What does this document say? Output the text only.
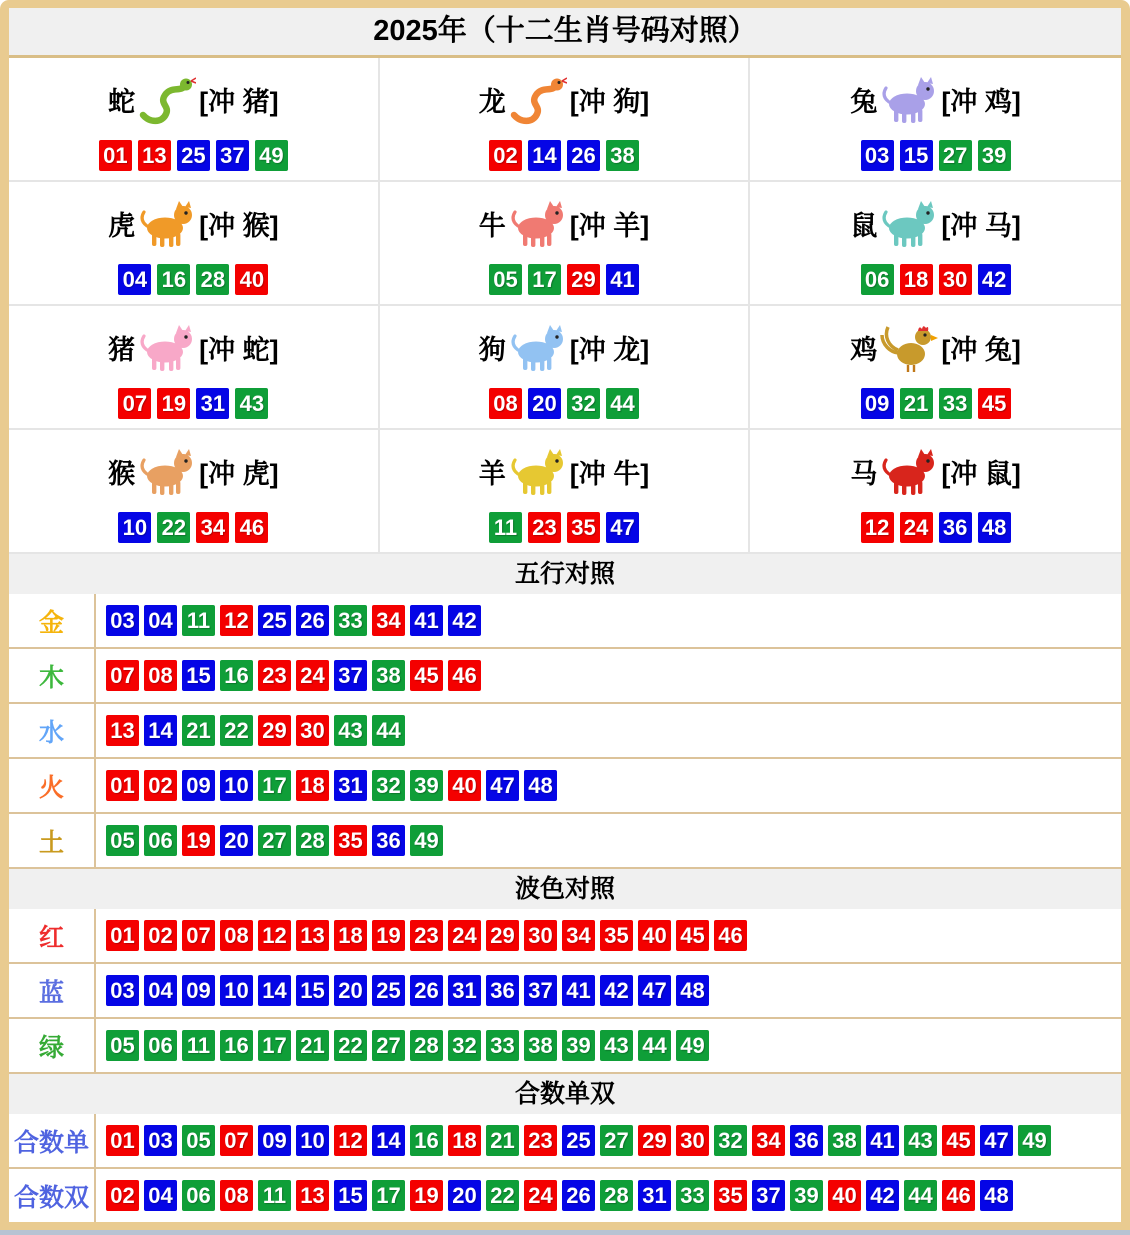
2025年（十二生肖号码对照）
蛇 [冲 猪]
01 13 25 37 49
龙 [冲 狗]
02 14 26 38
兔 [冲 鸡]
03 15 27 39
虎 [冲 猴]
04 16 28 40
牛 [冲 羊]
05 17 29 41
鼠 [冲 马]
06 18 30 42
猪 [冲 蛇]
07 19 31 43
狗 [冲 龙]
08 20 32 44
鸡 [冲 兔]
09 21 33 45
猴 [冲 虎]
10 22 34 46
羊 [冲 牛]
11 23 35 47
马 [冲 鼠]
12 24 36 48
五行对照
金	03 04 11 12 25 26 33 34 41 42
木	07 08 15 16 23 24 37 38 45 46
水	13 14 21 22 29 30 43 44
火	01 02 09 10 17 18 31 32 39 40 47 48
土	05 06 19 20 27 28 35 36 49
波色对照
红	01 02 07 08 12 13 18 19 23 24 29 30 34 35 40 45 46
蓝	03 04 09 10 14 15 20 25 26 31 36 37 41 42 47 48
绿	05 06 11 16 17 21 22 27 28 32 33 38 39 43 44 49
合数单双
合数单 01 03 05 07 09 10 12 14 16 18 21 23 25 27 29 30 32 34 36 38 41 43 45 47 49
合数双 02 04 06 08 11 13 15 17 19 20 22 24 26 28 31 33 35 37 39 40 42 44 46 48
